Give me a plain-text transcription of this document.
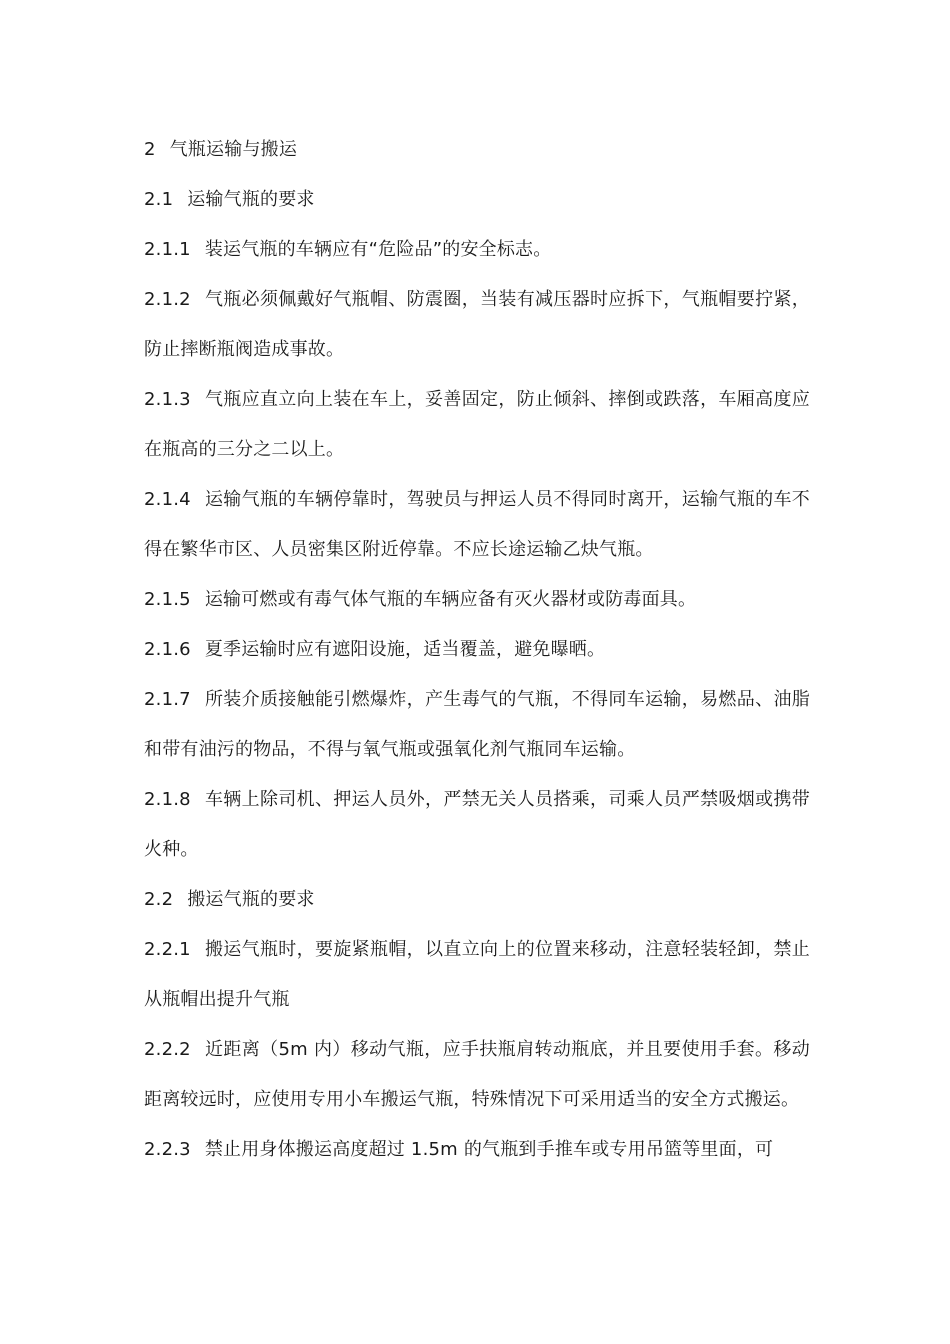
2 气瓶运输与搬运

2.1 运输气瓶的要求

2.1.1 装运气瓶的车辆应有“危险品”的安全标志。

2.1.2 气瓶必须佩戴好气瓶帽、防震圈，当装有减压器时应拆下，气瓶帽要拧紧，防止摔断瓶阀造成事故。

2.1.3 气瓶应直立向上装在车上，妥善固定，防止倾斜、摔倒或跌落，车厢高度应在瓶高的三分之二以上。

2.1.4 运输气瓶的车辆停靠时，驾驶员与押运人员不得同时离开，运输气瓶的车不得在繁华市区、人员密集区附近停靠。不应长途运输乙炔气瓶。

2.1.5 运输可燃或有毒气体气瓶的车辆应备有灭火器材或防毒面具。

2.1.6 夏季运输时应有遮阳设施，适当覆盖，避免曝晒。

2.1.7 所装介质接触能引燃爆炸，产生毒气的气瓶，不得同车运输，易燃品、油脂和带有油污的物品，不得与氧气瓶或强氧化剂气瓶同车运输。

2.1.8 车辆上除司机、押运人员外，严禁无关人员搭乘，司乘人员严禁吸烟或携带火种。

2.2 搬运气瓶的要求

2.2.1 搬运气瓶时，要旋紧瓶帽，以直立向上的位置来移动，注意轻装轻卸，禁止从瓶帽出提升气瓶

2.2.2 近距离（5m 内）移动气瓶，应手扶瓶肩转动瓶底，并且要使用手套。移动距离较远时，应使用专用小车搬运气瓶，特殊情况下可采用适当的安全方式搬运。

2.2.3 禁止用身体搬运高度超过 1.5m 的气瓶到手推车或专用吊篮等里面，可
